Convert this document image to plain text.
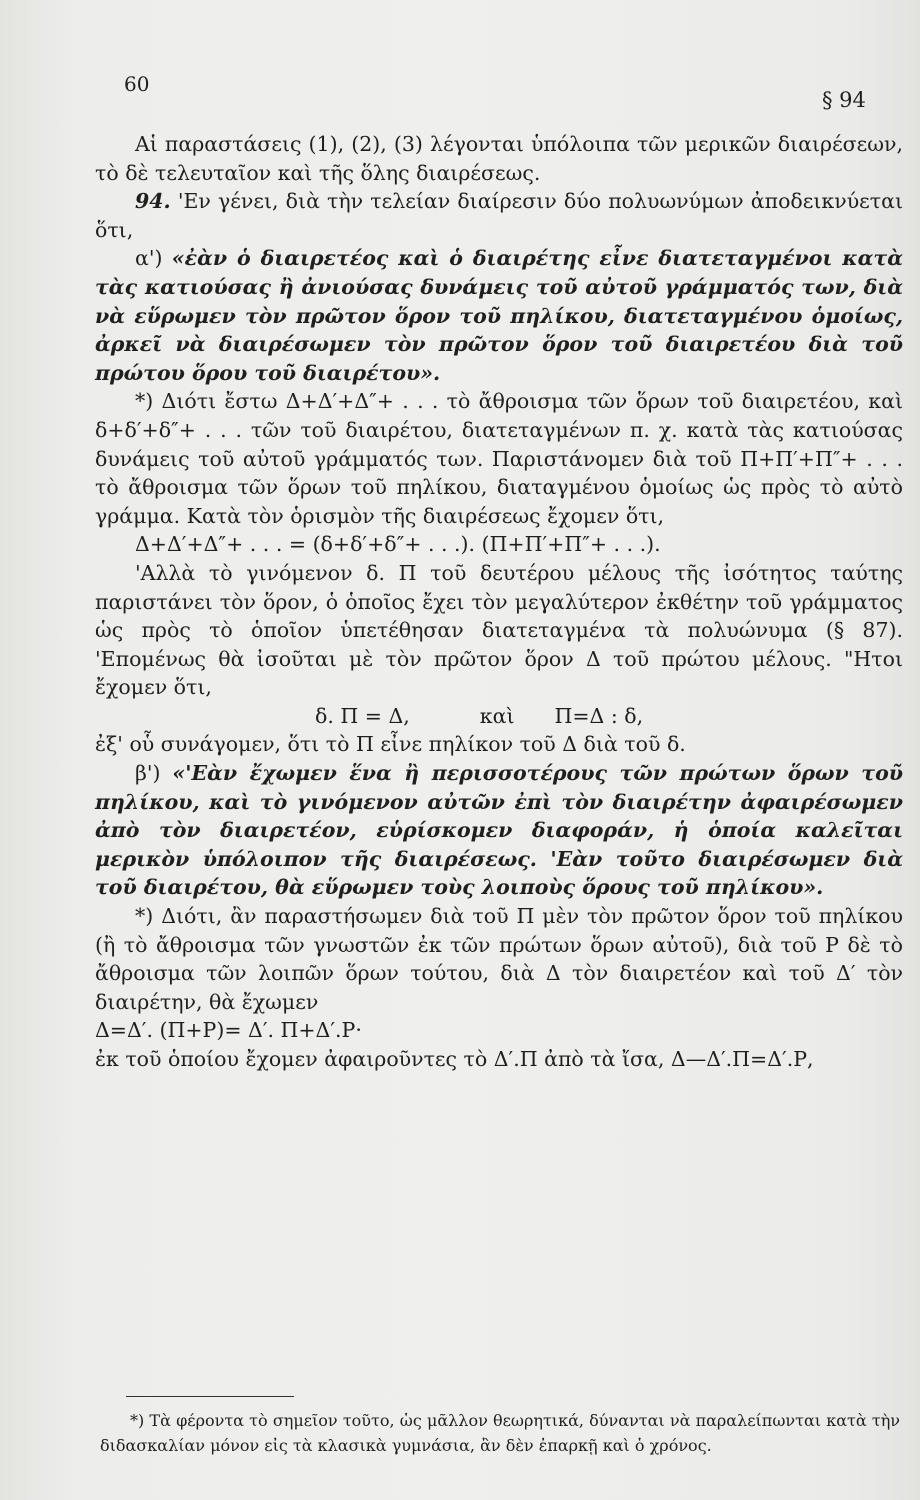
60
§ 94

Αἱ παραστάσεις (1), (2), (3) λέγονται ὑπόλοιπα τῶν μερικῶν διαιρέσεων, τὸ δὲ τελευταῖον καὶ τῆς ὅλης διαιρέσεως.

94. 'Εν γένει, διὰ τὴν τελείαν διαίρεσιν δύο πολυωνύμων ἀποδεικνύεται ὅτι,

α') «ἐὰν ὁ διαιρετέος καὶ ὁ διαιρέτης εἶνε διατεταγμένοι κατὰ τὰς κατιούσας ἢ ἀνιούσας δυνάμεις τοῦ αὐτοῦ γράμματός των, διὰ νὰ εὕρωμεν τὸν πρῶτον ὅρον τοῦ πηλίκου, διατεταγμένου ὁμοίως, ἀρκεῖ νὰ διαιρέσωμεν τὸν πρῶτον ὅρον τοῦ διαιρετέου διὰ τοῦ πρώτου ὅρου τοῦ διαιρέτου».

*) Διότι ἔστω Δ+Δ′+Δ″+ . . . τὸ ἄθροισμα τῶν ὅρων τοῦ διαιρετέου, καὶ δ+δ′+δ″+ . . . τῶν τοῦ διαιρέτου, διατεταγμένων π. χ. κατὰ τὰς κατιούσας δυνάμεις τοῦ αὐτοῦ γράμματός των. Παριστάνομεν διὰ τοῦ Π+Π′+Π″+ . . . τὸ ἄθροισμα τῶν ὅρων τοῦ πηλίκου, διαταγμένου ὁμοίως ὡς πρὸς τὸ αὐτὸ γράμμα. Κατὰ τὸν ὁρισμὸν τῆς διαιρέσεως ἔχομεν ὅτι,

Δ+Δ′+Δ″+ . . . = (δ+δ′+δ″+ . . .). (Π+Π′+Π″+ . . .).

'Αλλὰ τὸ γινόμενον δ. Π τοῦ δευτέρου μέλους τῆς ἰσότητος ταύτης παριστάνει τὸν ὅρον, ὁ ὁποῖος ἔχει τὸν μεγαλύτερον ἐκθέτην τοῦ γράμματος ὡς πρὸς τὸ ὁποῖον ὑπετέθησαν διατεταγμένα τὰ πολυώνυμα (§ 87). 'Επομένως θὰ ἰσοῦται μὲ τὸν πρῶτον ὅρον Δ τοῦ πρώτου μέλους. "Ητοι ἔχομεν ὅτι,

δ. Π = Δ,	καὶ Π=Δ : δ,

ἐξ' οὗ συνάγομεν, ὅτι τὸ Π εἶνε πηλίκον τοῦ Δ διὰ τοῦ δ.

β') «'Εὰν ἔχωμεν ἕνα ἢ περισσοτέρους τῶν πρώτων ὅρων τοῦ πηλίκου, καὶ τὸ γινόμενον αὐτῶν ἐπὶ τὸν διαιρέτην ἀφαιρέσωμεν ἀπὸ τὸν διαιρετέον, εὑρίσκομεν διαφοράν, ἡ ὁποία καλεῖται μερικὸν ὑπόλοιπον τῆς διαιρέσεως. 'Εὰν τοῦτο διαιρέσωμεν διὰ τοῦ διαιρέτου, θὰ εὕρωμεν τοὺς λοιποὺς ὅρους τοῦ πηλίκου».

*) Διότι, ἂν παραστήσωμεν διὰ τοῦ Π μὲν τὸν πρῶτον ὅρον τοῦ πηλίκου (ἢ τὸ ἄθροισμα τῶν γνωστῶν ἐκ τῶν πρώτων ὅρων αὐτοῦ), διὰ τοῦ Ρ δὲ τὸ ἄθροισμα τῶν λοιπῶν ὅρων τούτου, διὰ Δ τὸν διαιρετέον καὶ τοῦ Δ′ τὸν διαιρέτην, θὰ ἔχωμεν

Δ=Δ′. (Π+Ρ)= Δ′. Π+Δ′.Ρ·

ἐκ τοῦ ὁποίου ἔχομεν ἀφαιροῦντες τὸ Δ′.Π ἀπὸ τὰ ἴσα, Δ—Δ′.Π=Δ′.Ρ,

*) Τὰ φέροντα τὸ σημεῖον τοῦτο, ὡς μᾶλλον θεωρητικά, δύνανται νὰ παραλείπωνται κατὰ τὴν διδασκαλίαν μόνον εἰς τὰ κλασικὰ γυμνάσια, ἂν δὲν ἐπαρκῇ καὶ ὁ χρόνος.
